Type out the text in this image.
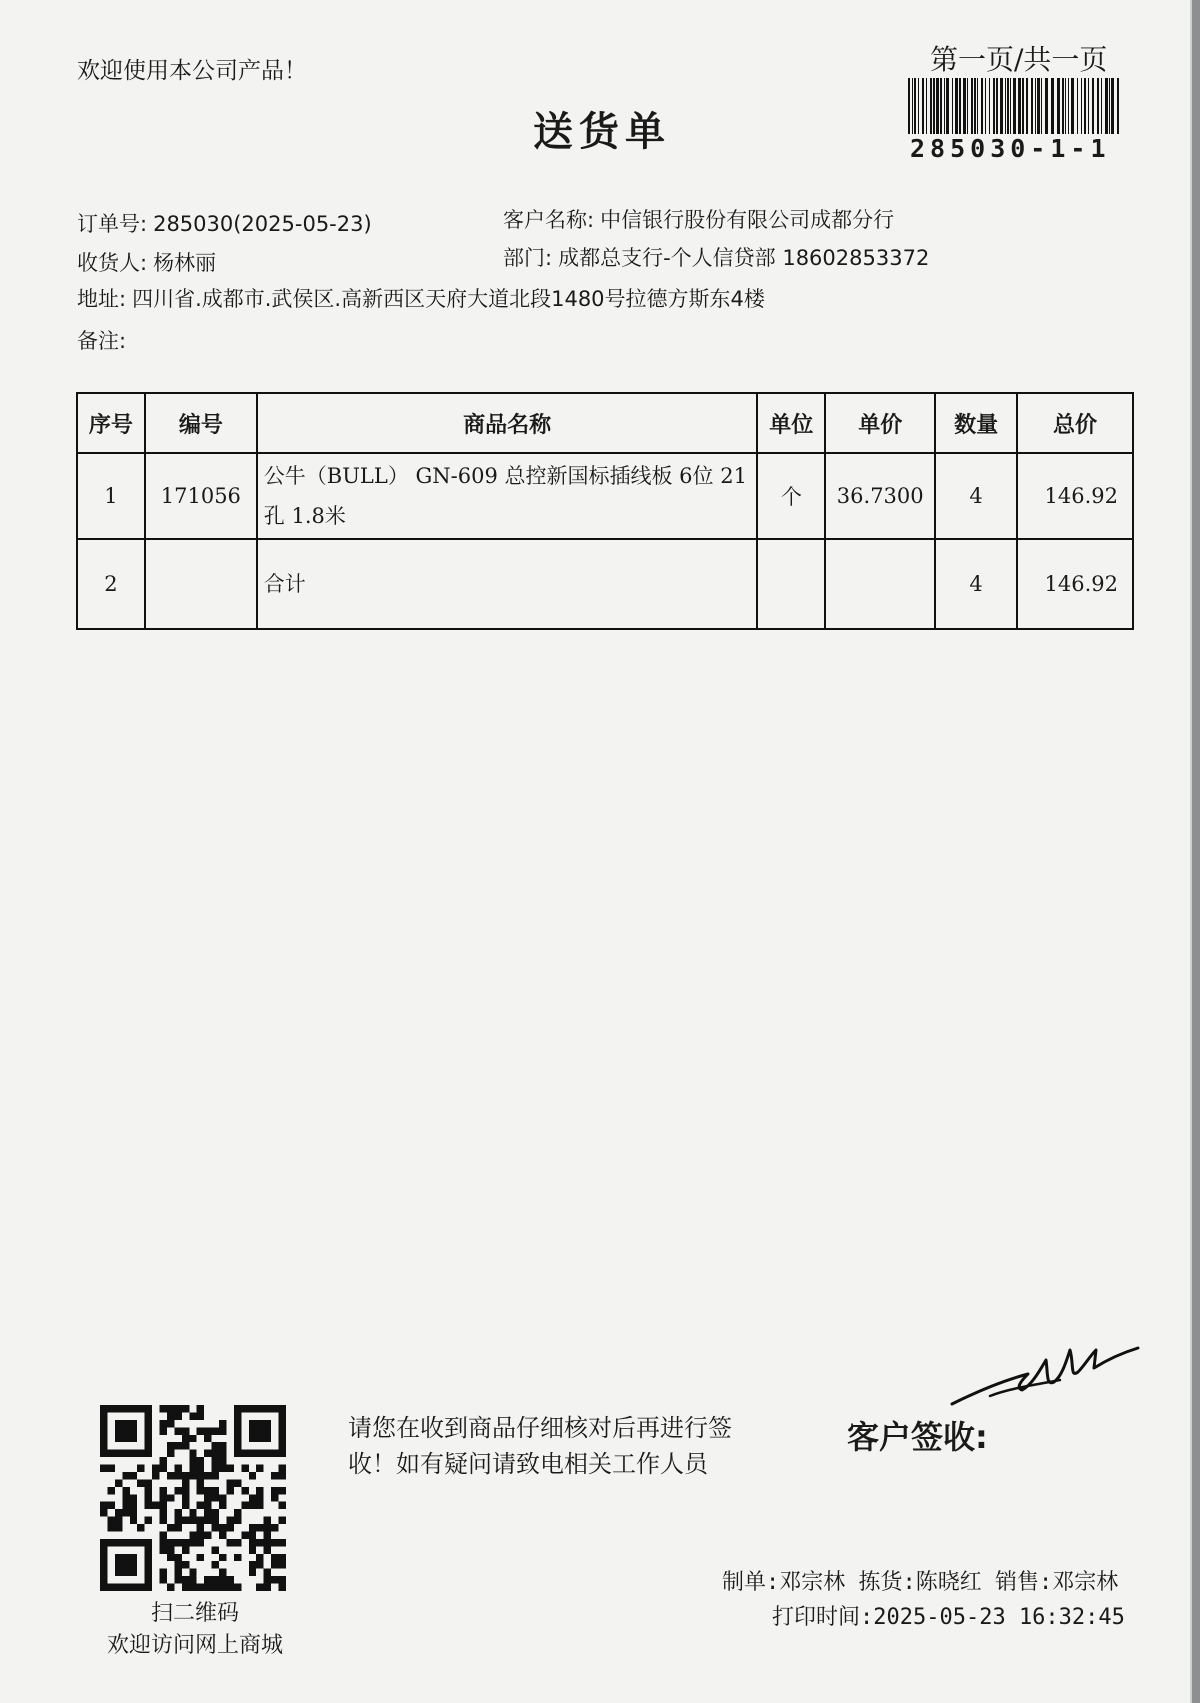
欢迎使用本公司产品！
送货单
第一页/共一页
285030-1-1
订单号: 285030(2025-05-23)	客户名称: 中信银行股份有限公司成都分行
收货人: 杨林丽	部门: 成都总支行-个人信贷部 18602853372
地址: 四川省.成都市.武侯区.高新西区天府大道北段1480号拉德方斯东4楼
备注:
序号	编号	商品名称	单位	单价	数量	总价
1	171056	公牛（BULL） GN-609 总控新国标插线板 6位 21孔 1.8米	个	36.7300	4	146.92
2		合计			4	146.92
扫二维码
欢迎访问网上商城
请您在收到商品仔细核对后再进行签收！如有疑问请致电相关工作人员
客户签收:
制单:邓宗林 拣货:陈晓红 销售:邓宗林
打印时间:2025-05-23 16:32:45
